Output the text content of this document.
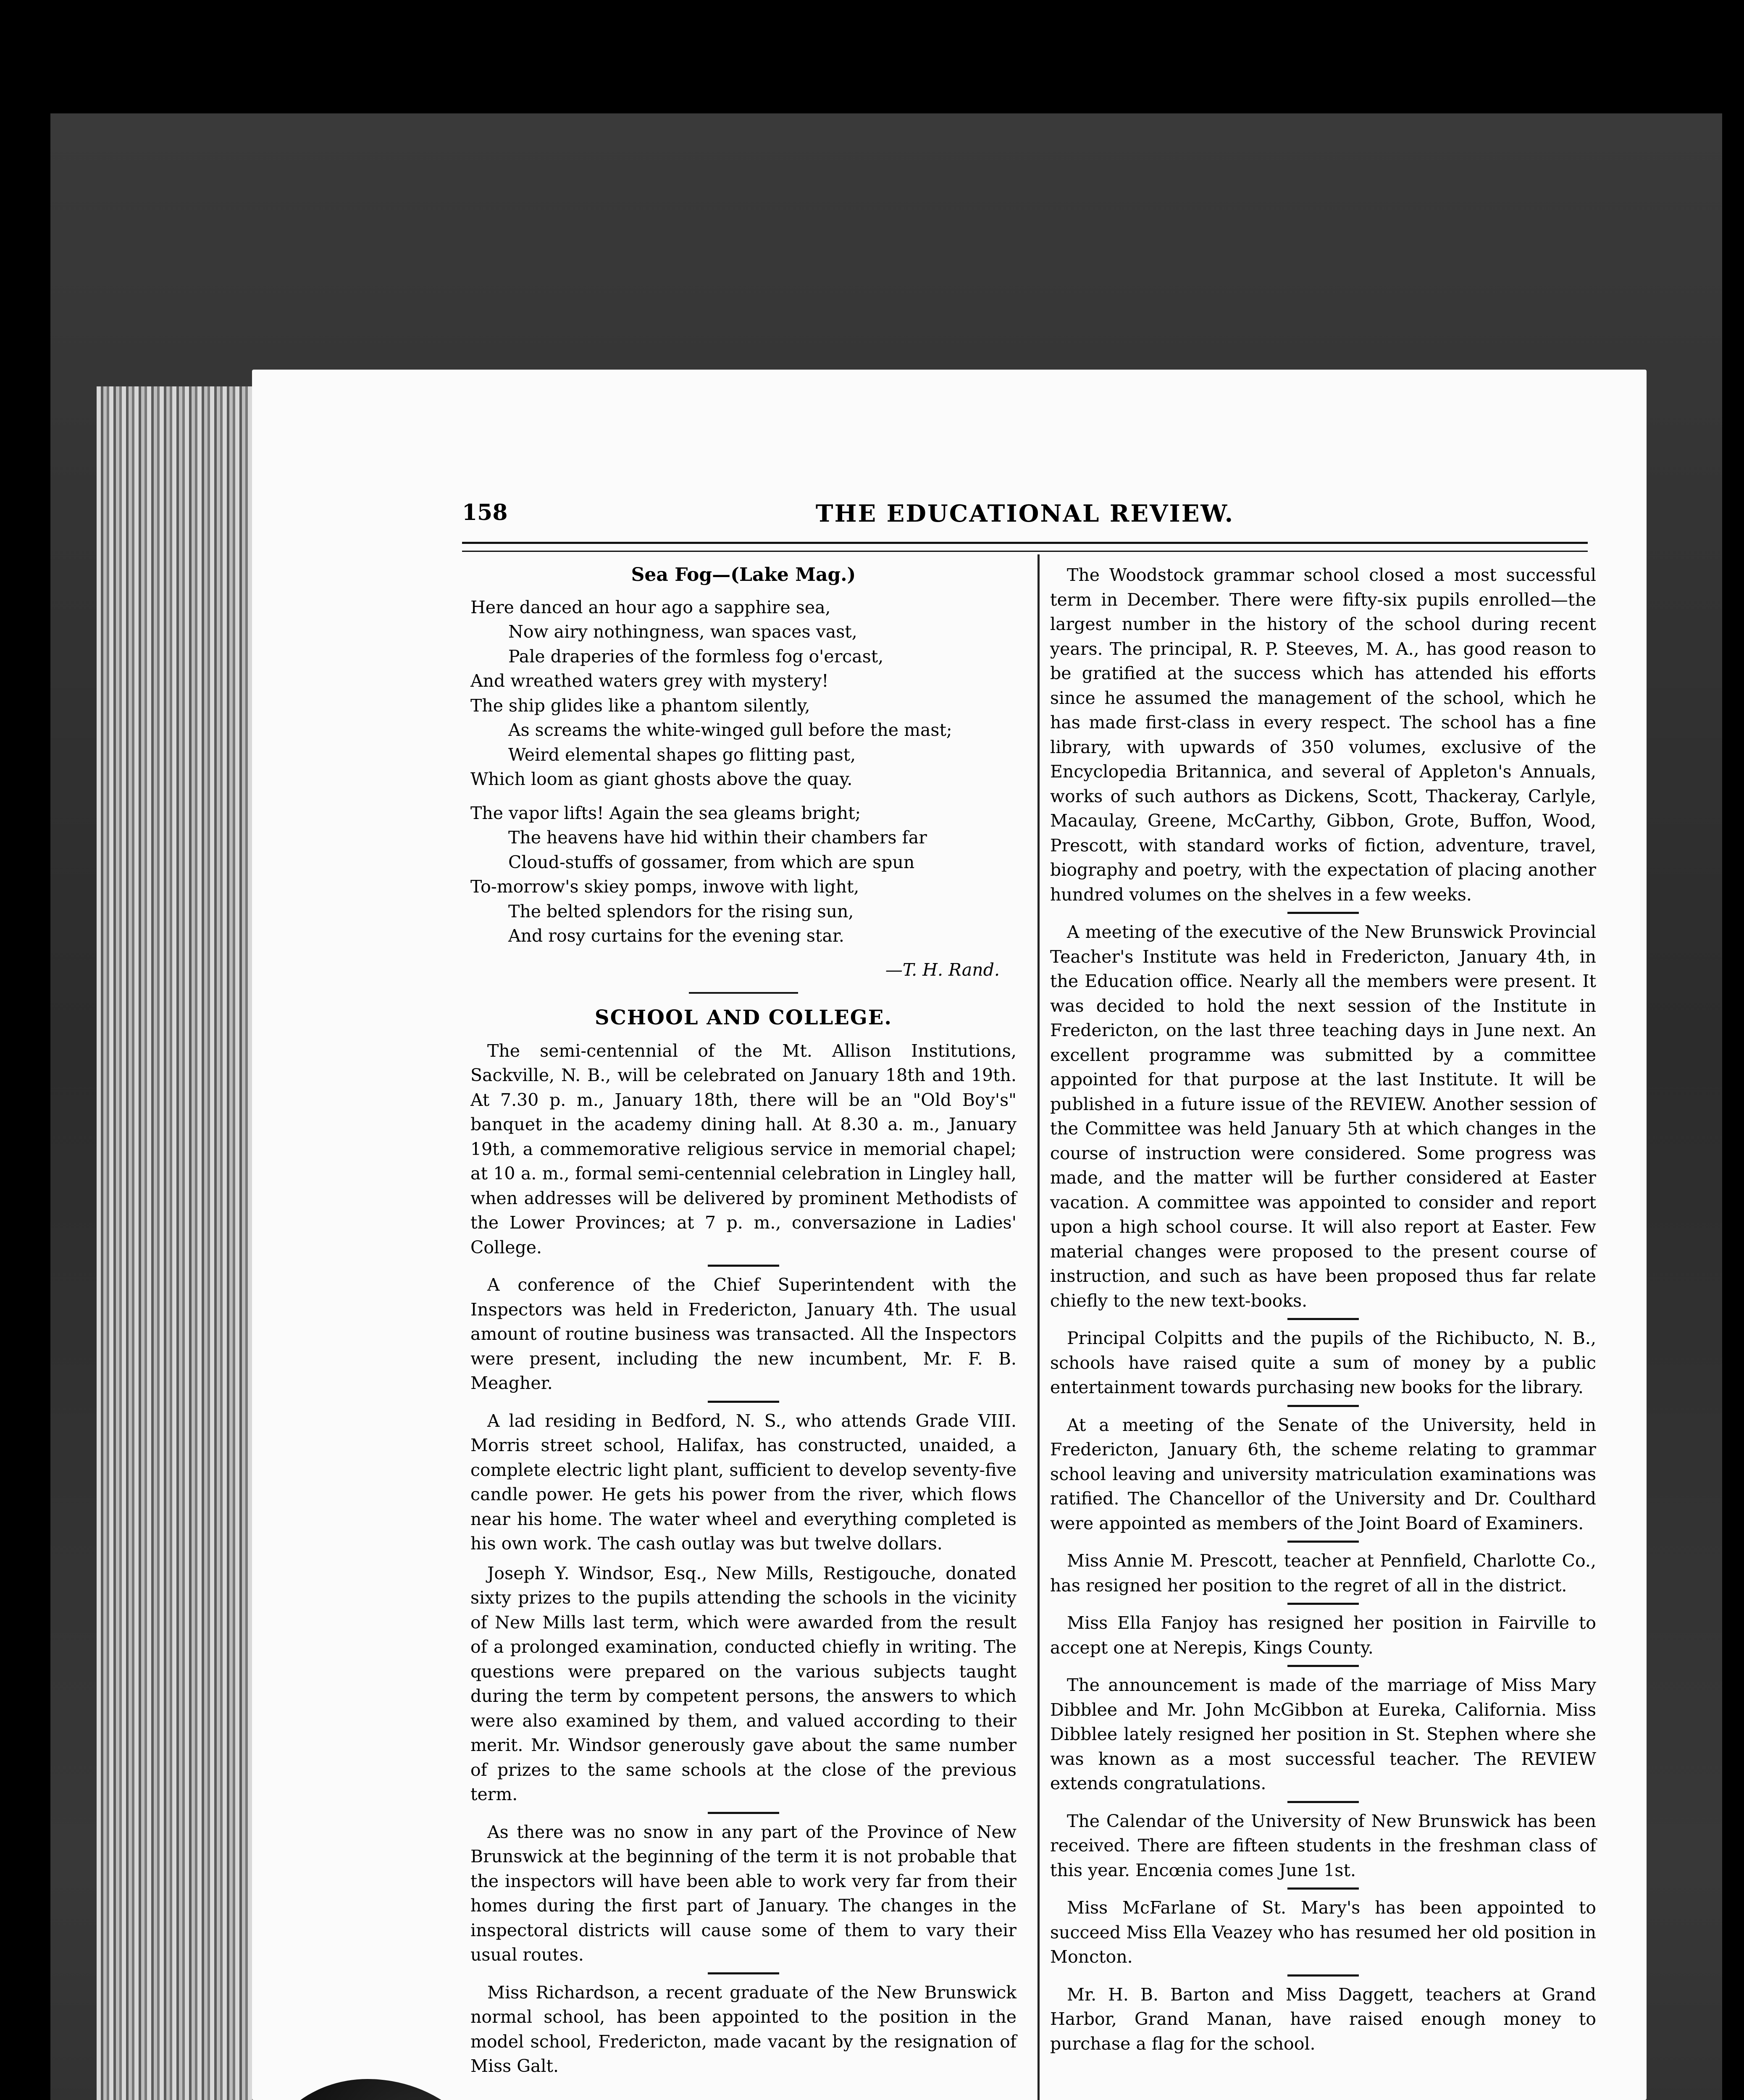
158	THE EDUCATIONAL REVIEW.
Sea Fog—(Lake Mag.)
Here danced an hour ago a sapphire sea,
Now airy nothingness, wan spaces vast,
Pale draperies of the formless fog o'ercast,
And wreathed waters grey with mystery!
The ship glides like a phantom silently,
As screams the white-winged gull before the mast;
Weird elemental shapes go flitting past,
Which loom as giant ghosts above the quay.
The vapor lifts! Again the sea gleams bright;
The heavens have hid within their chambers far
Cloud-stuffs of gossamer, from which are spun
To-morrow's skiey pomps, inwove with light,
The belted splendors for the rising sun,
And rosy curtains for the evening star.
—T. H. Rand.
SCHOOL AND COLLEGE.

The semi-centennial of the Mt. Allison Institutions, Sackville, N. B., will be celebrated on January 18th and 19th. At 7.30 p. m., January 18th, there will be an "Old Boy's" banquet in the academy dining hall. At 8.30 a. m., January 19th, a commemorative religious service in memorial chapel; at 10 a. m., formal semi-centennial celebration in Lingley hall, when addresses will be delivered by prominent Methodists of the Lower Provinces; at 7 p. m., conversazione in Ladies' College.

A conference of the Chief Superintendent with the Inspectors was held in Fredericton, January 4th. The usual amount of routine business was transacted. All the Inspectors were present, including the new incumbent, Mr. F. B. Meagher.

A lad residing in Bedford, N. S., who attends Grade VIII. Morris street school, Halifax, has constructed, unaided, a complete electric light plant, sufficient to develop seventy-five candle power. He gets his power from the river, which flows near his home. The water wheel and everything completed is his own work. The cash outlay was but twelve dollars.

Joseph Y. Windsor, Esq., New Mills, Restigouche, donated sixty prizes to the pupils attending the schools in the vicinity of New Mills last term, which were awarded from the result of a prolonged examination, conducted chiefly in writing. The questions were prepared on the various subjects taught during the term by competent persons, the answers to which were also examined by them, and valued according to their merit. Mr. Windsor generously gave about the same number of prizes to the same schools at the close of the previous term.

As there was no snow in any part of the Province of New Brunswick at the beginning of the term it is not probable that the inspectors will have been able to work very far from their homes during the first part of January. The changes in the inspectoral districts will cause some of them to vary their usual routes.

Miss Richardson, a recent graduate of the New Brunswick normal school, has been appointed to the position in the model school, Fredericton, made vacant by the resignation of Miss Galt.

The Woodstock grammar school closed a most successful term in December. There were fifty-six pupils enrolled—the largest number in the history of the school during recent years. The principal, R. P. Steeves, M. A., has good reason to be gratified at the success which has attended his efforts since he assumed the management of the school, which he has made first-class in every respect. The school has a fine library, with upwards of 350 volumes, exclusive of the Encyclopedia Britannica, and several of Appleton's Annuals, works of such authors as Dickens, Scott, Thackeray, Carlyle, Macaulay, Greene, McCarthy, Gibbon, Grote, Buffon, Wood, Prescott, with standard works of fiction, adventure, travel, biography and poetry, with the expectation of placing another hundred volumes on the shelves in a few weeks.

A meeting of the executive of the New Brunswick Provincial Teacher's Institute was held in Fredericton, January 4th, in the Education office. Nearly all the members were present. It was decided to hold the next session of the Institute in Fredericton, on the last three teaching days in June next. An excellent programme was submitted by a committee appointed for that purpose at the last Institute. It will be published in a future issue of the REVIEW. Another session of the Committee was held January 5th at which changes in the course of instruction were considered. Some progress was made, and the matter will be further considered at Easter vacation. A committee was appointed to consider and report upon a high school course. It will also report at Easter. Few material changes were proposed to the present course of instruction, and such as have been proposed thus far relate chiefly to the new text-books.

Principal Colpitts and the pupils of the Richibucto, N. B., schools have raised quite a sum of money by a public entertainment towards purchasing new books for the library.

At a meeting of the Senate of the University, held in Fredericton, January 6th, the scheme relating to grammar school leaving and university matriculation examinations was ratified. The Chancellor of the University and Dr. Coulthard were appointed as members of the Joint Board of Examiners.

Miss Annie M. Prescott, teacher at Pennfield, Charlotte Co., has resigned her position to the regret of all in the district.

Miss Ella Fanjoy has resigned her position in Fairville to accept one at Nerepis, Kings County.

The announcement is made of the marriage of Miss Mary Dibblee and Mr. John McGibbon at Eureka, California. Miss Dibblee lately resigned her position in St. Stephen where she was known as a most successful teacher. The REVIEW extends congratulations.

The Calendar of the University of New Brunswick has been received. There are fifteen students in the freshman class of this year. Encœnia comes June 1st.

Miss McFarlane of St. Mary's has been appointed to succeed Miss Ella Veazey who has resumed her old position in Moncton.

Mr. H. B. Barton and Miss Daggett, teachers at Grand Harbor, Grand Manan, have raised enough money to purchase a flag for the school.
